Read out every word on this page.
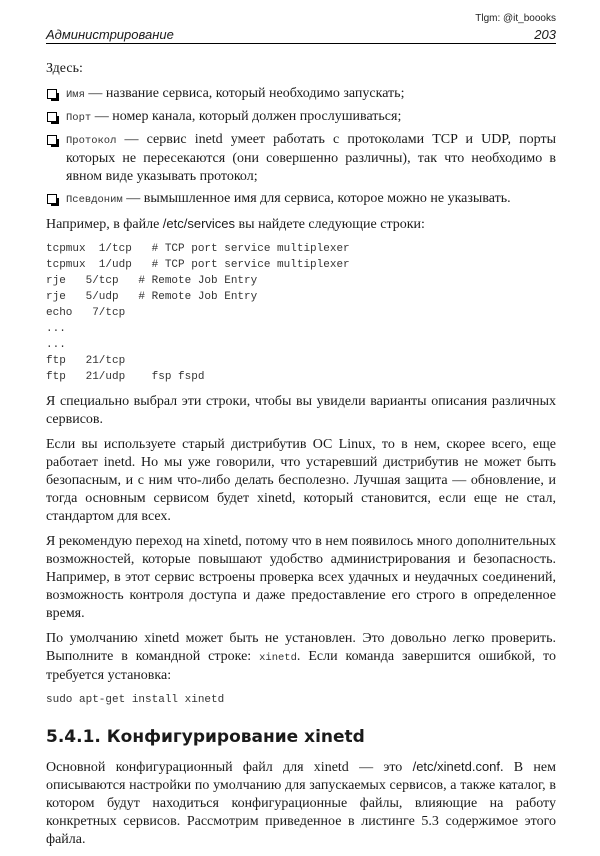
Tlgm: @it_boooks
Администрирование	203

Здесь:

Имя — название сервиса, который необходимо запускать;
Порт — номер канала, который должен прослушиваться;
Протокол — сервис inetd умеет работать с протоколами TCP и UDP, порты которых не пересекаются (они совершенно различны), так что необходимо в явном виде указывать протокол;
Псевдоним — вымышленное имя для сервиса, которое можно не указывать.

Например, в файле /etc/services вы найдете следующие строки:

tcpmux  1/tcp   # TCP port service multiplexer
tcpmux  1/udp   # TCP port service multiplexer
rje   5/tcp   # Remote Job Entry
rje   5/udp   # Remote Job Entry
echo   7/tcp
...
...
ftp   21/tcp
ftp   21/udp    fsp fspd

Я специально выбрал эти строки, чтобы вы увидели варианты описания различных сервисов.

Если вы используете старый дистрибутив ОС Linux, то в нем, скорее всего, еще работает inetd. Но мы уже говорили, что устаревший дистрибутив не может быть безопасным, и с ним что-либо делать бесполезно. Лучшая защита — обновление, и тогда основным сервисом будет xinetd, который становится, если еще не стал, стандартом для всех.

Я рекомендую переход на xinetd, потому что в нем появилось много дополнительных возможностей, которые повышают удобство администрирования и безопасность. Например, в этот сервис встроены проверка всех удачных и неудачных соединений, возможность контроля доступа и даже предоставление его строго в определенное время.

По умолчанию xinetd может быть не установлен. Это довольно легко проверить. Выполните в командной строке: xinetd. Если команда завершится ошибкой, то требуется установка:

sudo apt-get install xinetd
5.4.1. Конфигурирование xinetd

Основной конфигурационный файл для xinetd — это /etc/xinetd.conf. В нем описываются настройки по умолчанию для запускаемых сервисов, а также каталог, в котором будут находиться конфигурационные файлы, влияющие на работу конкретных сервисов. Рассмотрим приведенное в листинге 5.3 содержимое этого файла.
